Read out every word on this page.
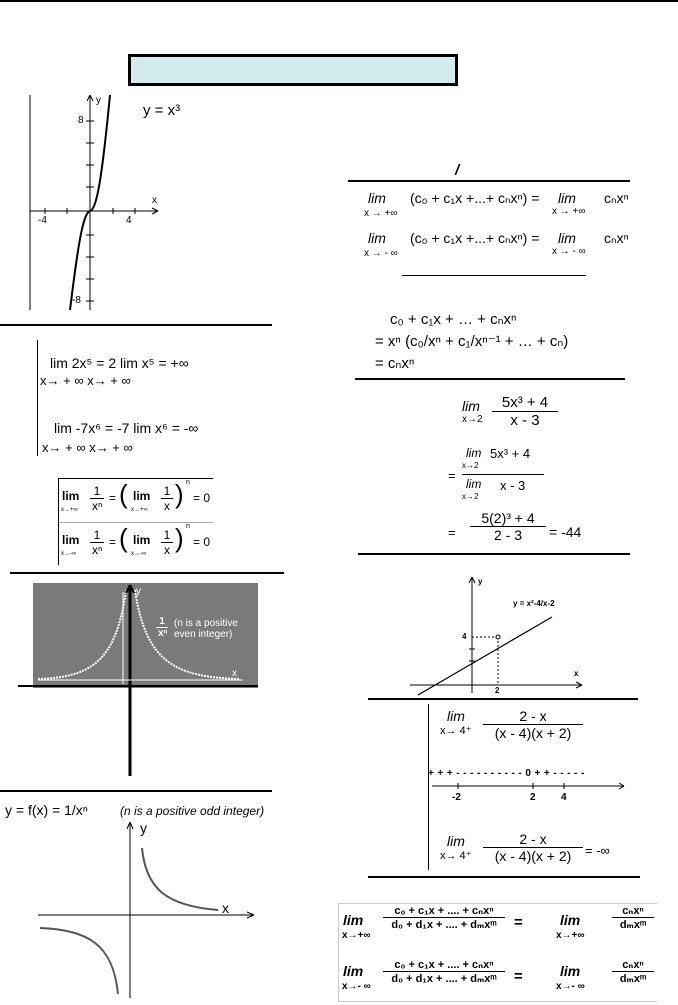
y
x
8
-8
-4	4
y = x³
/
lim (c₀ + c₁x +...+ cₙxⁿ) = lim cₙxⁿ
x → +∞	x → +∞
lim (c₀ + c₁x +...+ cₙxⁿ) = lim cₙxⁿ
x → - ∞	x → - ∞
c₀ + c₁x + … + cₙxⁿ
= xⁿ (c₀/xⁿ + c₁/xⁿ⁻¹ + … + cₙ)
= cₙxⁿ
lim 2x⁵ = 2 lim x⁵ = +∞
x→ + ∞ x→ + ∞
lim -7x⁶ = -7 lim x⁶ = -∞
x→ + ∞ x→ + ∞
lim
$x\to+\infty \frac{1}{\text{xⁿ}}$ = ( lim
$x\to+\infty \frac{1}{x}$ ) n
= 0
lim
$x\to-\infty \frac{1}{\text{xⁿ}}$ = ( lim
$x\to-\infty \frac{1}{x}$ ) n
= 0
lim
$x\to 2 \frac{\text{5x³ + 4}}{x - 3}$
=
lim
x→2
5x³ + 4
lim
x→2
x - 3
= $\frac{\text{5(2)³ + 4}}{2 - 3} = -44$
y
x
$\frac{1}{\text{xⁿ}} (n$ is a positive even integer)
y = x²-4/x-2
4
2
y
x
lim
$x\to 4^+ \frac{2 - x}{(x - 4)(x + 2)}$
+ + + - - - - - - - - - - 0 + + - - - - -
-2	2	4
lim
$x\to 4^+ \frac{2 - x}{(x - 4)(x + 2)}$ = -∞
y = f(x) = 1/xⁿ	(n is a positive odd integer)
y
x
lim
x→+∞
c₀ + c₁x + .... + cₙxⁿ
d₀ + d₁x + .... + dₘxᵐ	=	lim
x→+∞
cₙxⁿ
dₘxᵐ
lim
x→- ∞
c₀ + c₁x + .... + cₙxⁿ
d₀ + d₁x + .... + dₘxᵐ	=	lim
x→- ∞
cₙxⁿ
dₘxᵐ
